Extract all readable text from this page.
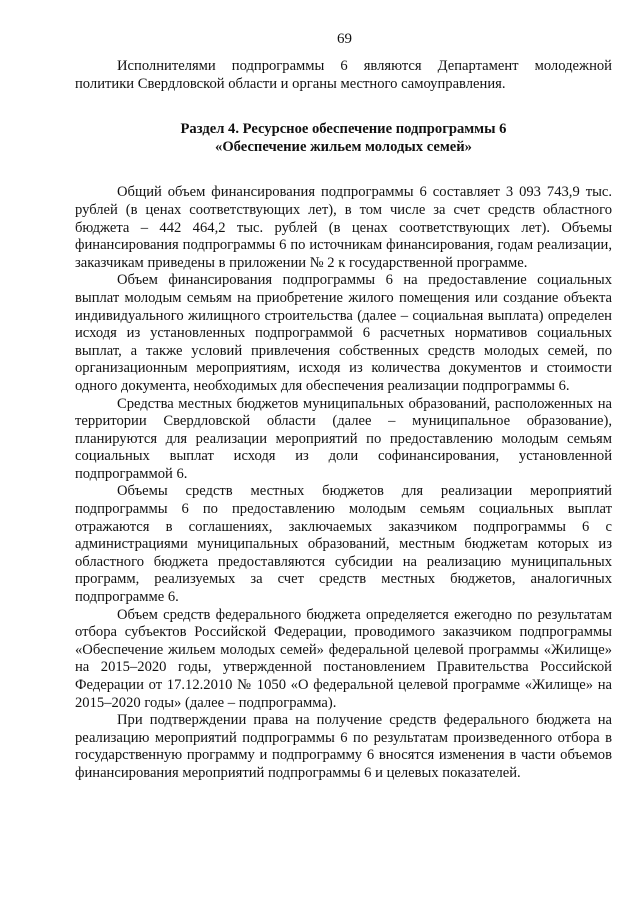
69

Исполнителями подпрограммы 6 являются Департамент молодежной политики Свердловской области и органы местного самоуправления.

Раздел 4. Ресурсное обеспечение подпрограммы 6
«Обеспечение жильем молодых семей»

Общий объем финансирования подпрограммы 6 составляет 3 093 743,9 тыс. рублей (в ценах соответствующих лет), в том числе за счет средств областного бюджета – 442 464,2 тыс. рублей (в ценах соответствующих лет). Объемы финансирования подпрограммы 6 по источникам финансирования, годам реализации, заказчикам приведены в приложении № 2 к государственной программе.

Объем финансирования подпрограммы 6 на предоставление социальных выплат молодым семьям на приобретение жилого помещения или создание объекта индивидуального жилищного строительства (далее – социальная выплата) определен исходя из установленных подпрограммой 6 расчетных нормативов социальных выплат, а также условий привлечения собственных средств молодых семей, по организационным мероприятиям, исходя из количества документов и стоимости одного документа, необходимых для обеспечения реализации подпрограммы 6.

Средства местных бюджетов муниципальных образований, расположенных на территории Свердловской области (далее – муниципальное образование), планируются для реализации мероприятий по предоставлению молодым семьям социальных выплат исходя из доли софинансирования, установленной подпрограммой 6.

Объемы средств местных бюджетов для реализации мероприятий подпрограммы 6 по предоставлению молодым семьям социальных выплат отражаются в соглашениях, заключаемых заказчиком подпрограммы 6 с администрациями муниципальных образований, местным бюджетам которых из областного бюджета предоставляются субсидии на реализацию муниципальных программ, реализуемых за счет средств местных бюджетов, аналогичных подпрограмме 6.

Объем средств федерального бюджета определяется ежегодно по результатам отбора субъектов Российской Федерации, проводимого заказчиком подпрограммы «Обеспечение жильем молодых семей» федеральной целевой программы «Жилище» на 2015–2020 годы, утвержденной постановлением Правительства Российской Федерации от 17.12.2010 № 1050 «О федеральной целевой программе «Жилище» на 2015–2020 годы» (далее – подпрограмма).

При подтверждении права на получение средств федерального бюджета на реализацию мероприятий подпрограммы 6 по результатам произведенного отбора в государственную программу и подпрограмму 6 вносятся изменения в части объемов финансирования мероприятий подпрограммы 6 и целевых показателей.
